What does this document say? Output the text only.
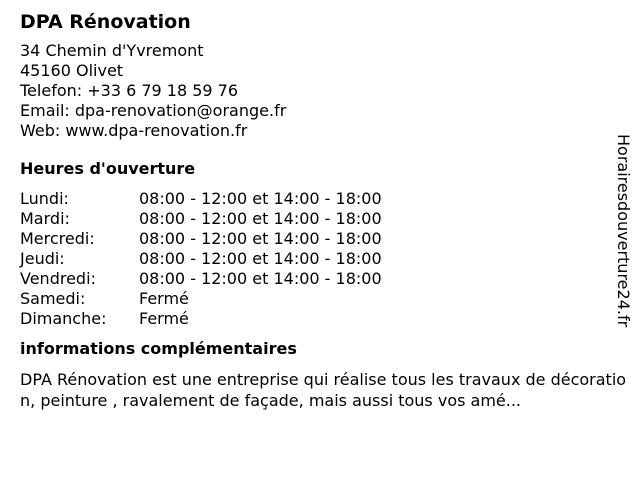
DPA Rénovation
34 Chemin d'Yvremont
45160 Olivet
Telefon: +33 6 79 18 59 76
Email: dpa-renovation@orange.fr
Web: www.dpa-renovation.fr
Heures d'ouverture
Lundi:	08:00 - 12:00 et 14:00 - 18:00
Mardi:	08:00 - 12:00 et 14:00 - 18:00
Mercredi:	08:00 - 12:00 et 14:00 - 18:00
Jeudi:	08:00 - 12:00 et 14:00 - 18:00
Vendredi:	08:00 - 12:00 et 14:00 - 18:00
Samedi:	Fermé
Dimanche:	Fermé
informations complémentaires
DPA Rénovation est une entreprise qui réalise tous les travaux de décoration, peinture , ravalement de façade, mais aussi tous vos amé...
Horairesdouverture24.fr
